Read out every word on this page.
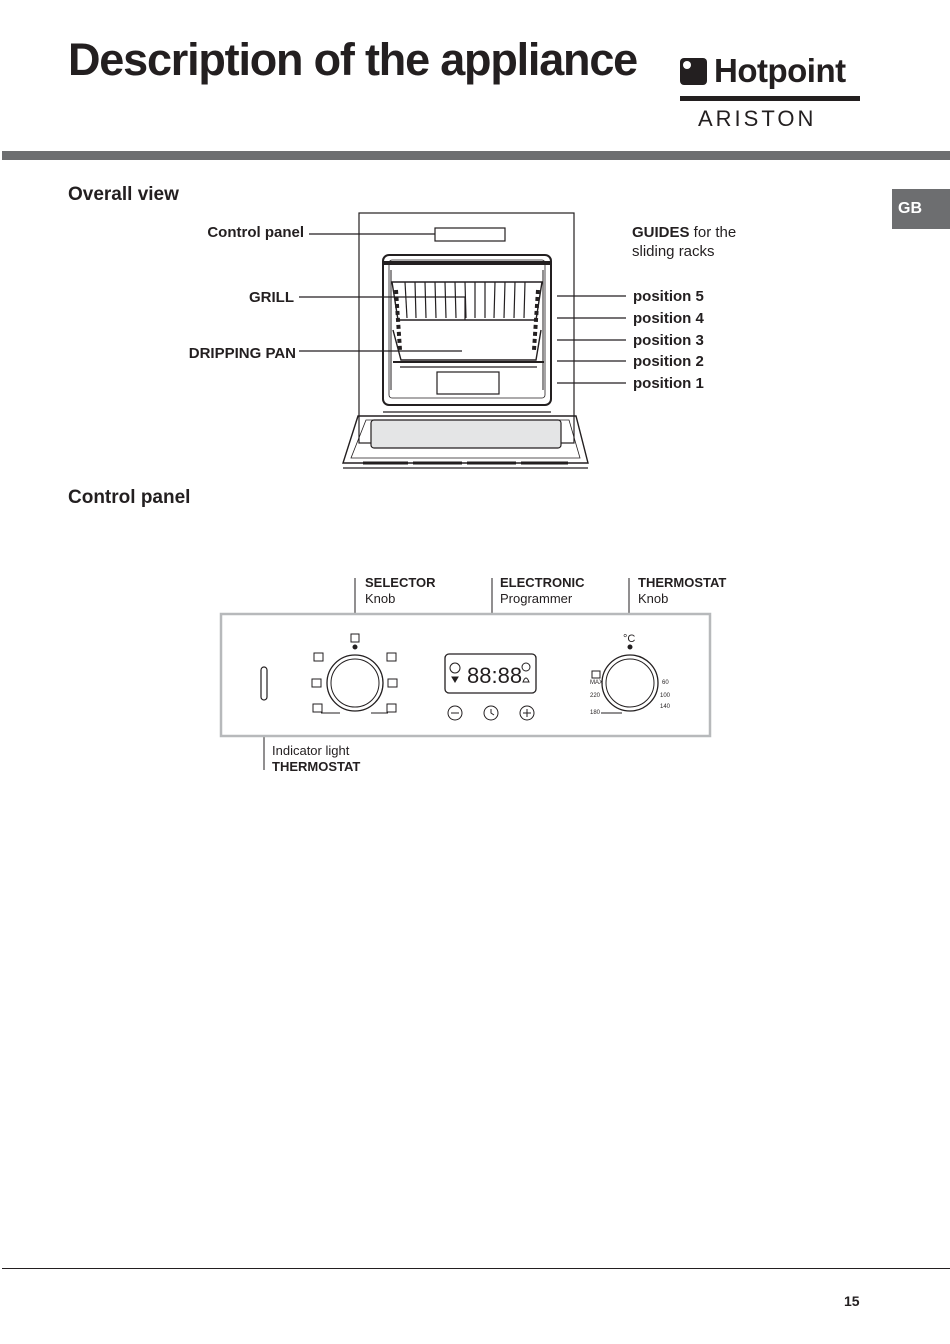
Description of the appliance Hotpoint
ARISTON
GB
Overall view
Control panel
GRILL
DRIPPING PAN
GUIDES for the
sliding racks
position 5
position 4
position 3
position 2
position 1
Control panel
SELECTOR
Knob
ELECTRONIC
Programmer
THERMOSTAT
Knob
88:88
°C
MAX
220
180
60
100
140
Indicator light
THERMOSTAT
15
